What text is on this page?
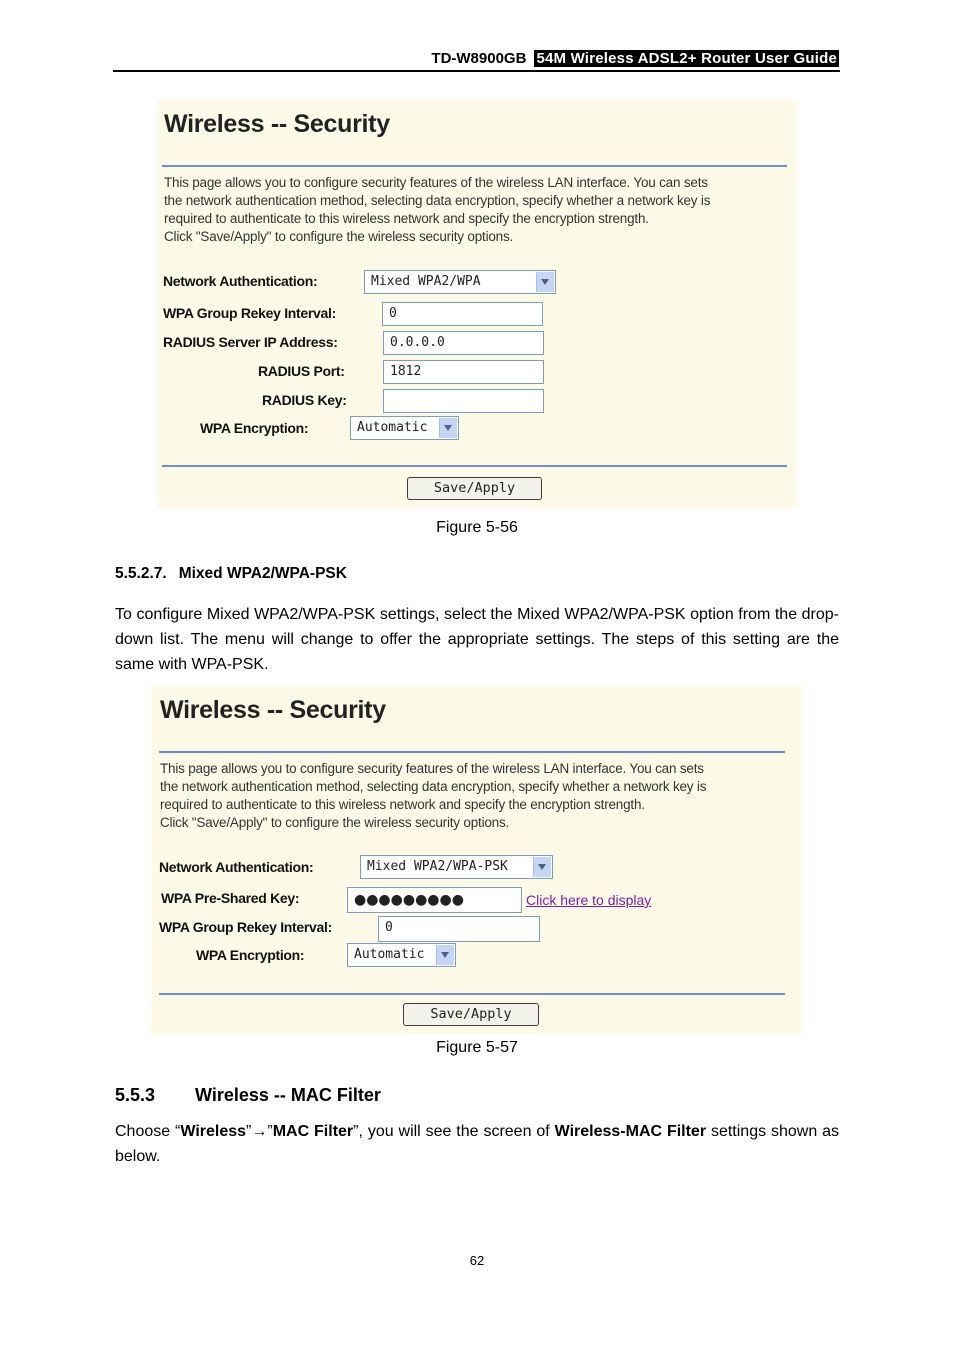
TD-W8900GB 54M Wireless ADSL2+ Router User Guide
Wireless -- Security
This page allows you to configure security features of the wireless LAN interface. You can sets
the network authentication method, selecting data encryption, specify whether a network key is
required to authenticate to this wireless network and specify the encryption strength.
Click "Save/Apply" to configure the wireless security options.
Network Authentication:	Mixed WPA2/WPA
WPA Group Rekey Interval:	0
RADIUS Server IP Address:	0.0.0.0
RADIUS Port:	1812
RADIUS Key:
WPA Encryption:	Automatic
Save/Apply
Figure 5-56
5.5.2.7. Mixed WPA2/WPA-PSK
To configure Mixed WPA2/WPA-PSK settings, select the Mixed WPA2/WPA-PSK option from the drop-down list. The menu will change to offer the appropriate settings. The steps of this setting are the same with WPA-PSK.
Wireless -- Security
This page allows you to configure security features of the wireless LAN interface. You can sets
the network authentication method, selecting data encryption, specify whether a network key is
required to authenticate to this wireless network and specify the encryption strength.
Click "Save/Apply" to configure the wireless security options.
Network Authentication:	Mixed WPA2/WPA-PSK
WPA Pre-Shared Key:	●●●●●●●●●	Click here to display
WPA Group Rekey Interval:	0
WPA Encryption:	Automatic
Save/Apply
Figure 5-57
5.5.3 Wireless -- MAC Filter
Choose “Wireless”→”MAC Filter”, you will see the screen of Wireless-MAC Filter settings shown as below.
62
